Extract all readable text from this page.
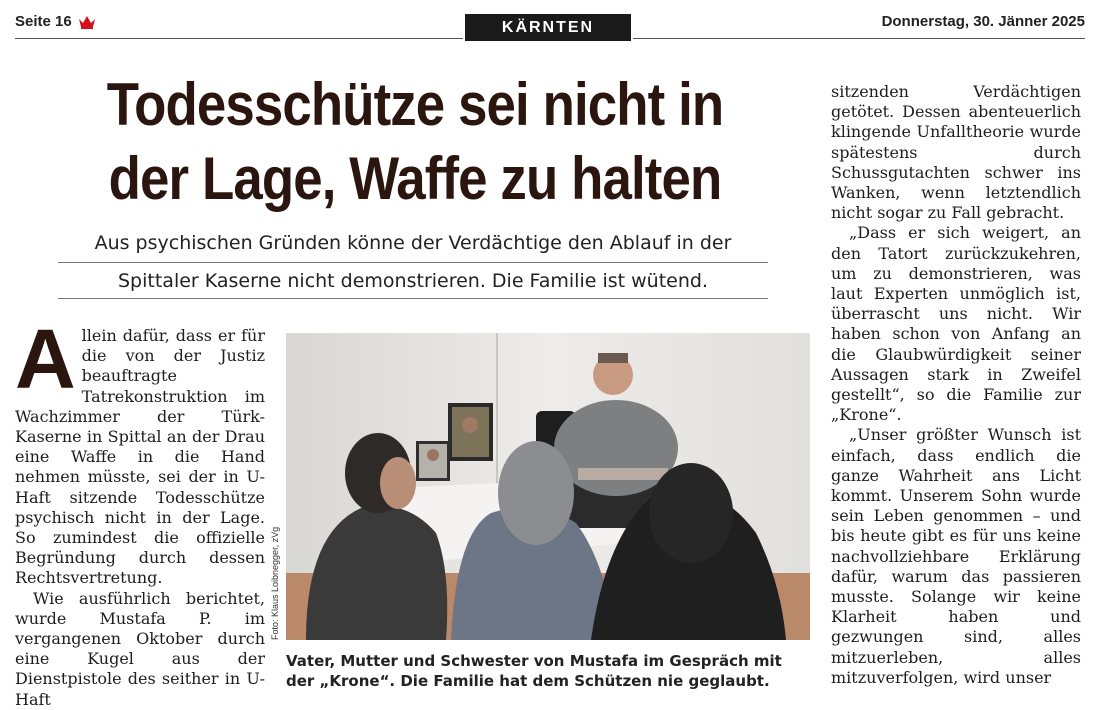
Seite 16	KÄRNTEN	Donnerstag, 30. Jänner 2025
Todesschütze sei nicht in
der Lage, Waffe zu halten
Aus psychischen Gründen könne der Verdächtige den Ablauf in der
Spittaler Kaserne nicht demonstrieren. Die Familie ist wütend.

Allein dafür, dass er für die von der Justiz beauftragte Tatrekonstruktion im Wachzimmer der Türk-Kaserne in Spittal an der Drau eine Waffe in die Hand nehmen müsste, sei der in U-Haft sitzende Todesschütze psychisch nicht in der Lage. So zumindest die offizielle Begründung durch dessen Rechtsvertretung.

Wie ausführlich berichtet, wurde Mustafa P. im vergangenen Oktober durch eine Kugel aus der Dienstpistole des seither in U-Haft

Foto: Klaus Loibnegger, zVg
Vater, Mutter und Schwester von Mustafa im Gespräch mit
der „Krone“. Die Familie hat dem Schützen nie geglaubt.

sitzenden Verdächtigen getötet. Dessen abenteuerlich klingende Unfalltheorie wurde spätestens durch Schussgutachten schwer ins Wanken, wenn letztendlich nicht sogar zu Fall gebracht.

„Dass er sich weigert, an den Tatort zurückzukehren, um zu demonstrieren, was laut Experten unmöglich ist, überrascht uns nicht. Wir haben schon von Anfang an die Glaubwürdigkeit seiner Aussagen stark in Zweifel gestellt“, so die Familie zur „Krone“.

„Unser größter Wunsch ist einfach, dass endlich die ganze Wahrheit ans Licht kommt. Unserem Sohn wurde sein Leben genommen – und bis heute gibt es für uns keine nachvollziehbare Erklärung dafür, warum das passieren musste. Solange wir keine Klarheit haben und gezwungen sind, alles mitzuerleben, alles mitzuverfolgen, wird unser
